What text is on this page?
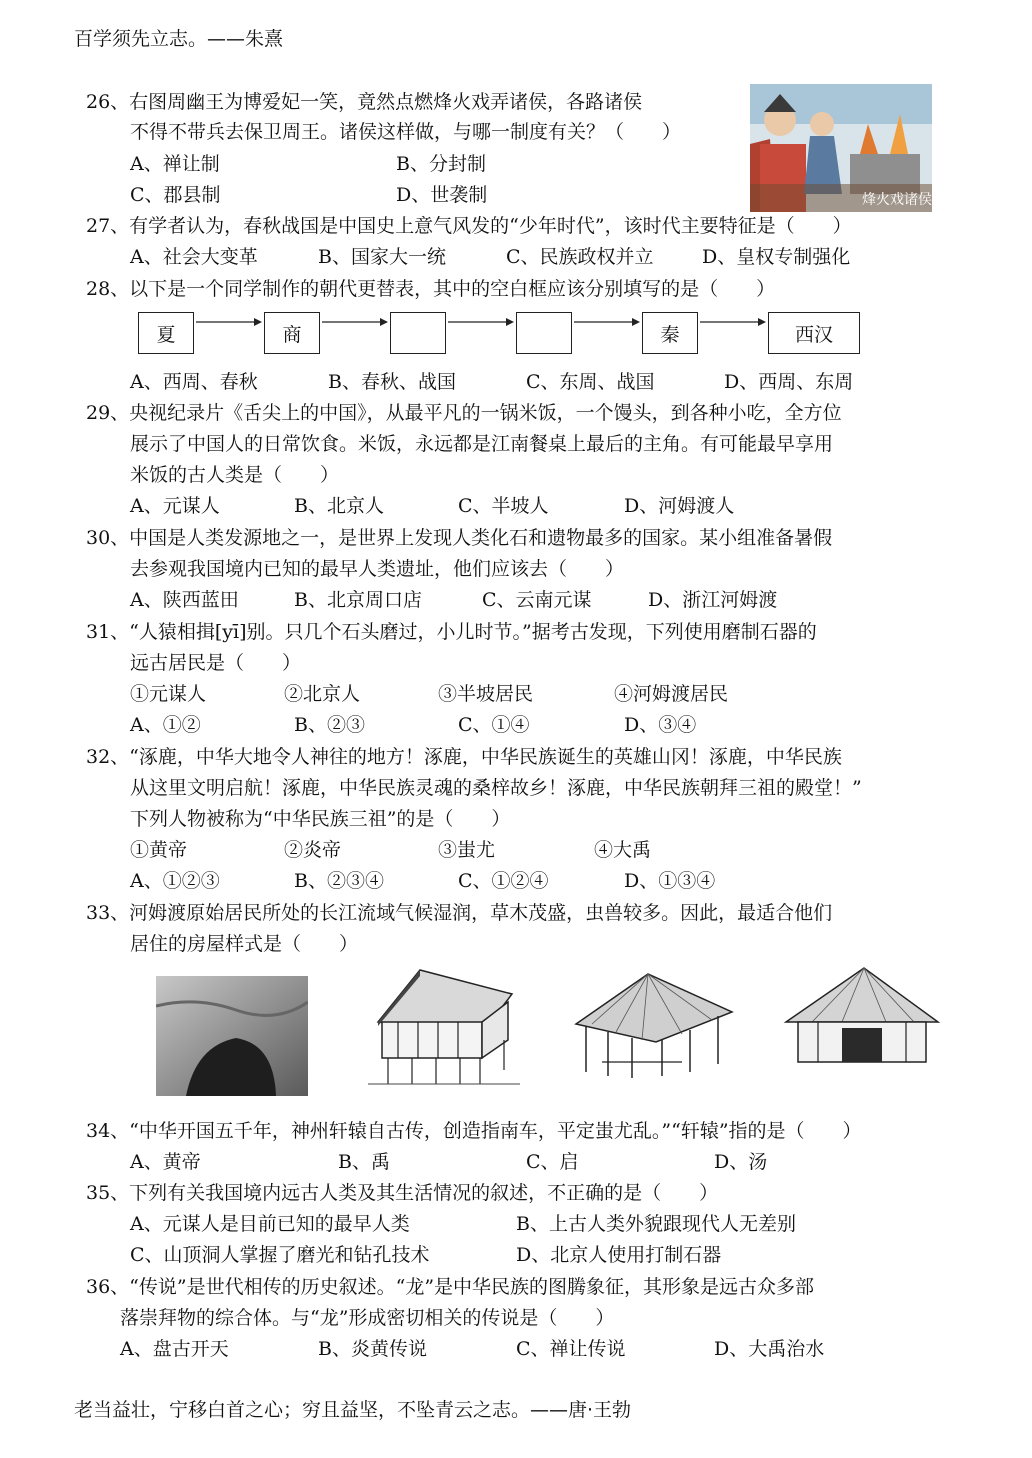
百学须先立志。——朱熹
26、右图周幽王为博爱妃一笑，竟然点燃烽火戏弄诸侯，各路诸侯
不得不带兵去保卫周王。诸侯这样做，与哪一制度有关？（　　）
A、禅让制	B、分封制
C、郡县制	D、世袭制	烽火戏诸侯
27、有学者认为，春秋战国是中国史上意气风发的“少年时代”，该时代主要特征是（　　）
A、社会大变革	B、国家大一统	C、民族政权并立	D、皇权专制强化
28、以下是一个同学制作的朝代更替表，其中的空白框应该分别填写的是（　　）
夏	商	秦	西汉
A、西周、春秋	B、春秋、战国	C、东周、战国	D、西周、东周
29、央视纪录片《舌尖上的中国》，从最平凡的一锅米饭，一个馒头，到各种小吃，全方位
展示了中国人的日常饮食。米饭，永远都是江南餐桌上最后的主角。有可能最早享用
米饭的古人类是（　　）
A、元谋人	B、北京人	C、半坡人	D、河姆渡人
30、中国是人类发源地之一，是世界上发现人类化石和遗物最多的国家。某小组准备暑假
去参观我国境内已知的最早人类遗址，他们应该去（　　）
A、陕西蓝田	B、北京周口店	C、云南元谋	D、浙江河姆渡
31、“人猿相揖[yī]别。只几个石头磨过，小儿时节。”据考古发现，下列使用磨制石器的
远古居民是（　　）
①元谋人	②北京人	③半坡居民	④河姆渡居民
A、①②	B、②③	C、①④	D、③④
32、“涿鹿，中华大地令人神往的地方！涿鹿，中华民族诞生的英雄山冈！涿鹿，中华民族
从这里文明启航！涿鹿，中华民族灵魂的桑梓故乡！涿鹿，中华民族朝拜三祖的殿堂！”
下列人物被称为“中华民族三祖”的是（　　）
①黄帝	②炎帝	③蚩尤	④大禹
A、①②③	B、②③④	C、①②④	D、①③④
33、河姆渡原始居民所处的长江流域气候湿润，草木茂盛，虫兽较多。因此，最适合他们
居住的房屋样式是（　　）
34、“中华开国五千年，神州轩辕自古传，创造指南车，平定蚩尤乱。”“轩辕”指的是（　　）
A、黄帝	B、禹	C、启	D、汤
35、下列有关我国境内远古人类及其生活情况的叙述，不正确的是（　　）
A、元谋人是目前已知的最早人类	B、上古人类外貌跟现代人无差别
C、山顶洞人掌握了磨光和钻孔技术	D、北京人使用打制石器
36、“传说”是世代相传的历史叙述。“龙”是中华民族的图腾象征，其形象是远古众多部
落崇拜物的综合体。与“龙”形成密切相关的传说是（　　）
A、盘古开天	B、炎黄传说	C、禅让传说	D、大禹治水
老当益壮，宁移白首之心；穷且益坚，不坠青云之志。——唐·王勃
